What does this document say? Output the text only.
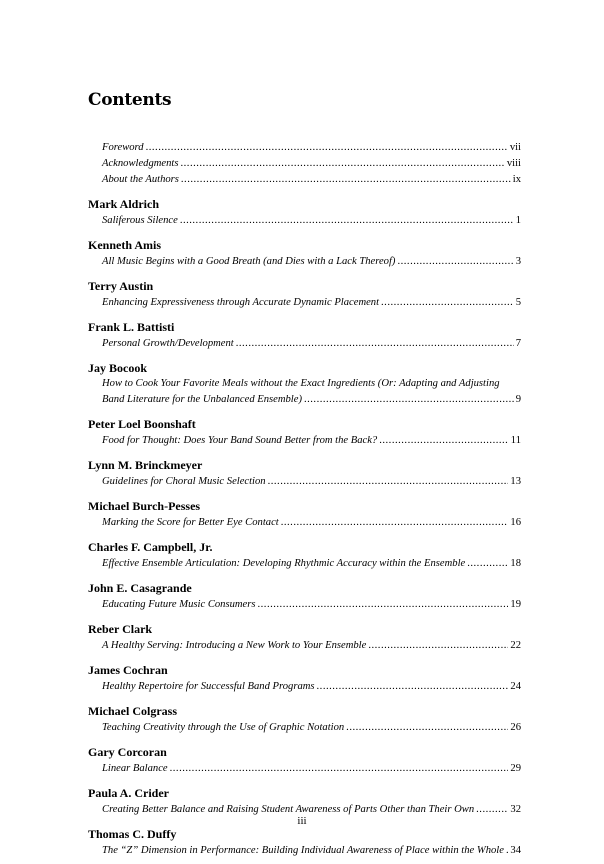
Contents
Foreword .....	vii
Acknowledgments .....	viii
About the Authors .....	ix
Mark Aldrich
Saliferous Silence .....	1
Kenneth Amis
All Music Begins with a Good Breath (and Dies with a Lack Thereof) .....	3
Terry Austin
Enhancing Expressiveness through Accurate Dynamic Placement .....	5
Frank L. Battisti
Personal Growth/Development .....	7
Jay Bocook
How to Cook Your Favorite Meals without the Exact Ingredients (Or: Adapting and Adjusting
Band Literature for the Unbalanced Ensemble) .....	9
Peter Loel Boonshaft
Food for Thought: Does Your Band Sound Better from the Back? .....	11
Lynn M. Brinckmeyer
Guidelines for Choral Music Selection .....	13
Michael Burch-Pesses
Marking the Score for Better Eye Contact .....	16
Charles F. Campbell, Jr.
Effective Ensemble Articulation: Developing Rhythmic Accuracy within the Ensemble .....	18
John E. Casagrande
Educating Future Music Consumers .....	19
Reber Clark
A Healthy Serving: Introducing a New Work to Your Ensemble .....	22
James Cochran
Healthy Repertoire for Successful Band Programs .....	24
Michael Colgrass
Teaching Creativity through the Use of Graphic Notation .....	26
Gary Corcoran
Linear Balance .....	29
Paula A. Crider
Creating Better Balance and Raising Student Awareness of Parts Other than Their Own .....	32
Thomas C. Duffy
The “Z” Dimension in Performance: Building Individual Awareness of Place within the Whole ..... 34
iii
